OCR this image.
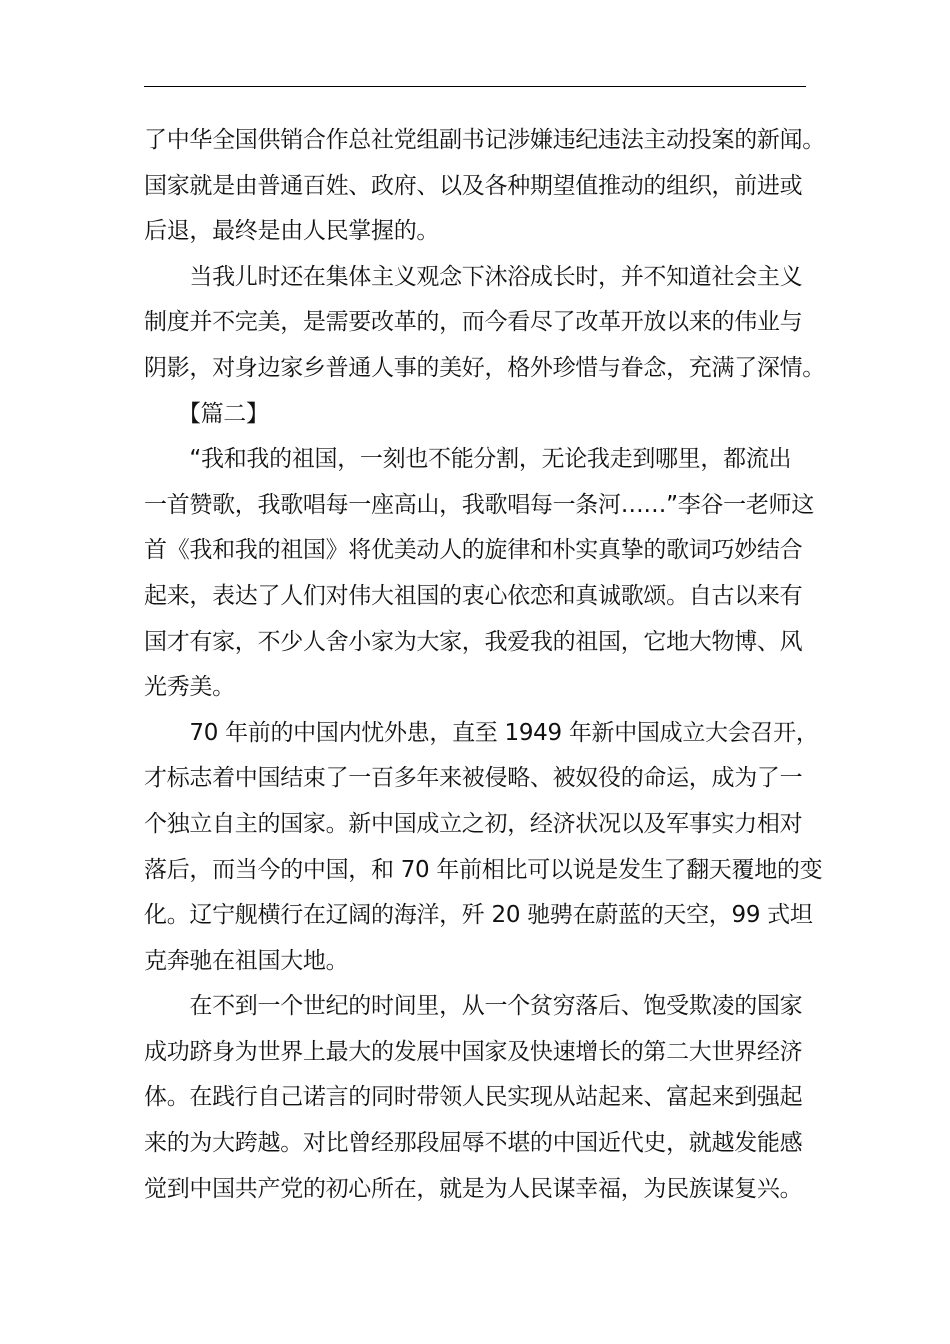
了中华全国供销合作总社党组副书记涉嫌违纪违法主动投案的新闻。
国家就是由普通百姓、政府、以及各种期望值推动的组织，前进或
后退，最终是由人民掌握的。
　　当我儿时还在集体主义观念下沐浴成长时，并不知道社会主义
制度并不完美，是需要改革的，而今看尽了改革开放以来的伟业与
阴影，对身边家乡普通人事的美好，格外珍惜与眷念，充满了深情。
　　【篇二】
　　“我和我的祖国，一刻也不能分割，无论我走到哪里，都流出
一首赞歌，我歌唱每一座高山，我歌唱每一条河……”李谷一老师这
首《我和我的祖国》将优美动人的旋律和朴实真挚的歌词巧妙结合
起来，表达了人们对伟大祖国的衷心依恋和真诚歌颂。自古以来有
国才有家，不少人舍小家为大家，我爱我的祖国，它地大物博、风
光秀美。
　　70 年前的中国内忧外患，直至 1949 年新中国成立大会召开，
才标志着中国结束了一百多年来被侵略、被奴役的命运，成为了一
个独立自主的国家。新中国成立之初，经济状况以及军事实力相对
落后，而当今的中国，和 70 年前相比可以说是发生了翻天覆地的变
化。辽宁舰横行在辽阔的海洋，歼 20 驰骋在蔚蓝的天空，99 式坦
克奔驰在祖国大地。
　　在不到一个世纪的时间里，从一个贫穷落后、饱受欺凌的国家
成功跻身为世界上最大的发展中国家及快速增长的第二大世界经济
体。在践行自己诺言的同时带领人民实现从站起来、富起来到强起
来的为大跨越。对比曾经那段屈辱不堪的中国近代史，就越发能感
觉到中国共产党的初心所在，就是为人民谋幸福，为民族谋复兴。
